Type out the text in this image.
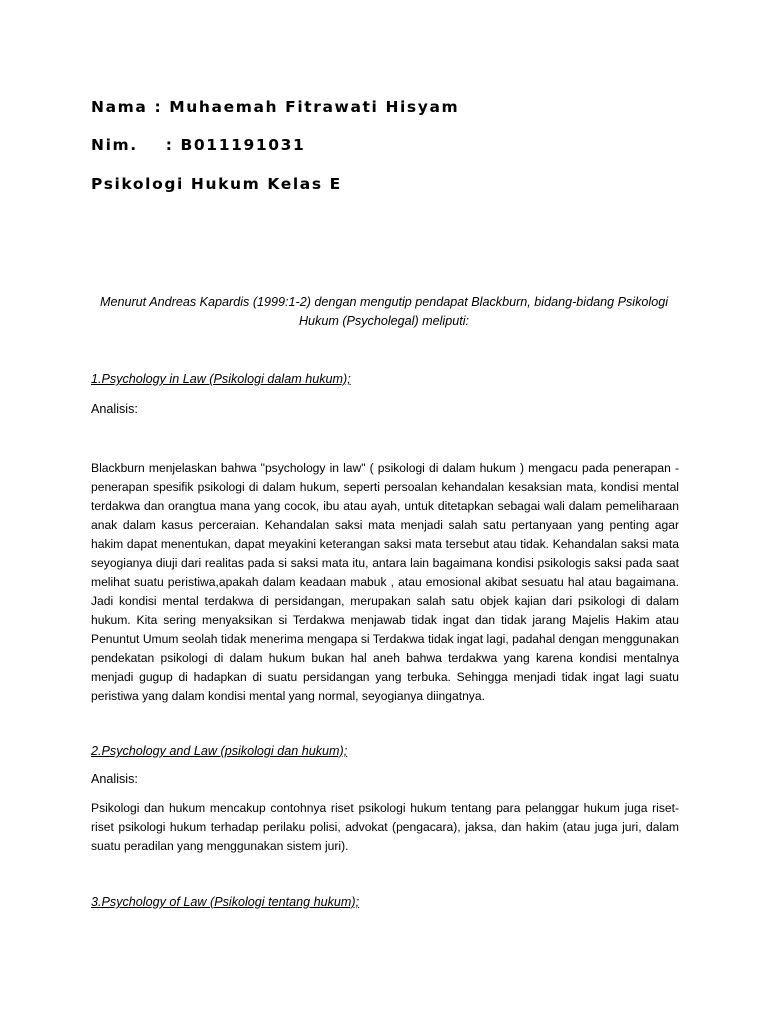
Nama : Muhaemah Fitrawati Hisyam
Nim.    : B011191031
Psikologi Hukum Kelas E
Menurut Andreas Kapardis (1999:1-2) dengan mengutip pendapat Blackburn, bidang-bidang Psikologi Hukum (Psycholegal) meliputi:
1.Psychology in Law (Psikologi dalam hukum);
Analisis:
Blackburn menjelaskan bahwa "psychology in law" ( psikologi di dalam hukum ) mengacu pada penerapan - penerapan spesifik psikologi di dalam hukum, seperti persoalan kehandalan kesaksian mata, kondisi mental terdakwa dan orangtua mana yang cocok, ibu atau ayah, untuk ditetapkan sebagai wali dalam pemeliharaan anak dalam kasus perceraian. Kehandalan saksi mata menjadi salah satu pertanyaan yang penting agar hakim dapat menentukan, dapat meyakini keterangan saksi mata tersebut atau tidak. Kehandalan saksi mata seyogianya diuji dari realitas pada si saksi mata itu, antara lain bagaimana kondisi psikologis saksi pada saat melihat suatu peristiwa,apakah dalam keadaan mabuk , atau emosional akibat sesuatu hal atau bagaimana. Jadi kondisi mental terdakwa di persidangan, merupakan salah satu objek kajian dari psikologi di dalam hukum. Kita sering menyaksikan si Terdakwa menjawab tidak ingat dan tidak jarang Majelis Hakim atau Penuntut Umum seolah tidak menerima mengapa si Terdakwa tidak ingat lagi, padahal dengan menggunakan pendekatan psikologi di dalam hukum bukan hal aneh bahwa terdakwa yang karena kondisi mentalnya menjadi gugup di hadapkan di suatu persidangan yang terbuka. Sehingga menjadi tidak ingat lagi suatu peristiwa yang dalam kondisi mental yang normal, seyogianya diingatnya.
2.Psychology and Law (psikologi dan hukum);
Analisis:
Psikologi dan hukum mencakup contohnya riset psikologi hukum tentang para pelanggar hukum juga riset-riset psikologi hukum terhadap perilaku polisi, advokat (pengacara), jaksa, dan hakim (atau juga juri, dalam suatu peradilan yang menggunakan sistem juri).
3.Psychology of Law (Psikologi tentang hukum);
